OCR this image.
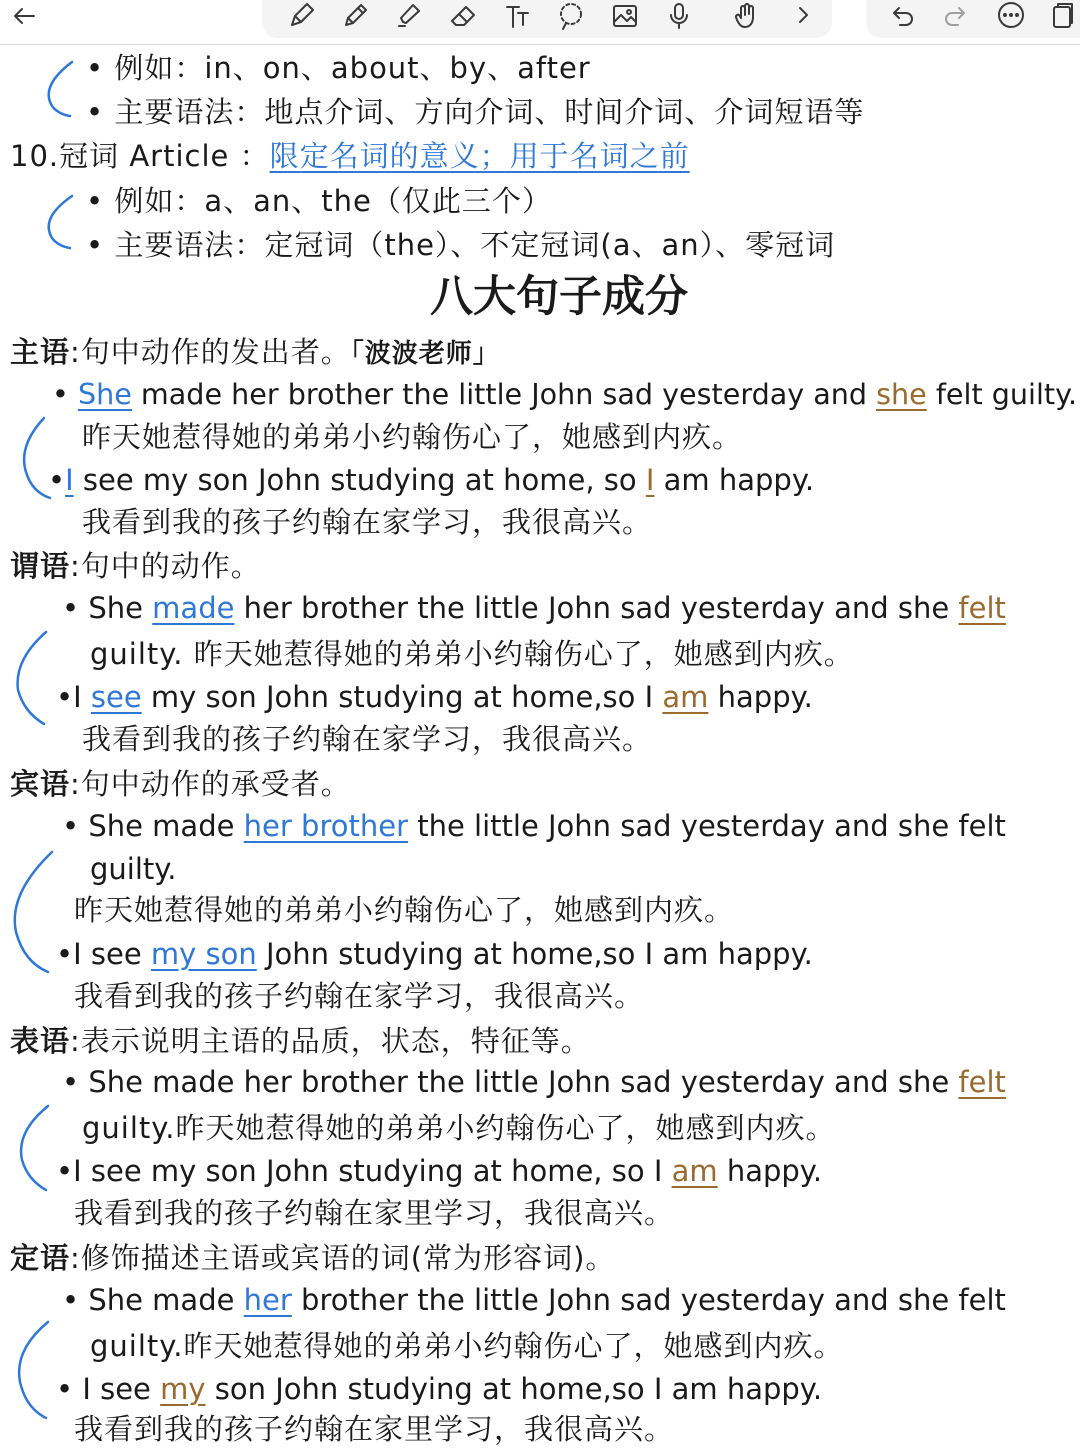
• 例如：in、on、about、by、after
• 主要语法：地点介词、方向介词、时间介词、介词短语等
10.冠词 Article ：限定名词的意义；用于名词之前
• 例如：a、an、the（仅此三个）
• 主要语法：定冠词（the）、不定冠词(a、an）、零冠词
八大句子成分
主语:句中动作的发出者。「波波老师」
• She made her brother the little John sad yesterday and she felt guilty.
昨天她惹得她的弟弟小约翰伤心了，她感到内疚。
•I see my son John studying at home, so I am happy.
我看到我的孩子约翰在家学习，我很高兴。
谓语:句中的动作。
• She made her brother the little John sad yesterday and she felt
guilty. 昨天她惹得她的弟弟小约翰伤心了，她感到内疚。
•I see my son John studying at home,so I am happy.
我看到我的孩子约翰在家学习，我很高兴。
宾语:句中动作的承受者。
• She made her brother the little John sad yesterday and she felt
guilty.
昨天她惹得她的弟弟小约翰伤心了，她感到内疚。
•I see my son John studying at home,so I am happy.
我看到我的孩子约翰在家学习，我很高兴。
表语:表示说明主语的品质，状态，特征等。
• She made her brother the little John sad yesterday and she felt
guilty.昨天她惹得她的弟弟小约翰伤心了，她感到内疚。
•I see my son John studying at home, so I am happy.
我看到我的孩子约翰在家里学习，我很高兴。
定语:修饰描述主语或宾语的词(常为形容词)。
• She made her brother the little John sad yesterday and she felt
guilty.昨天她惹得她的弟弟小约翰伤心了，她感到内疚。
• I see my son John studying at home,so I am happy.
我看到我的孩子约翰在家里学习，我很高兴。
